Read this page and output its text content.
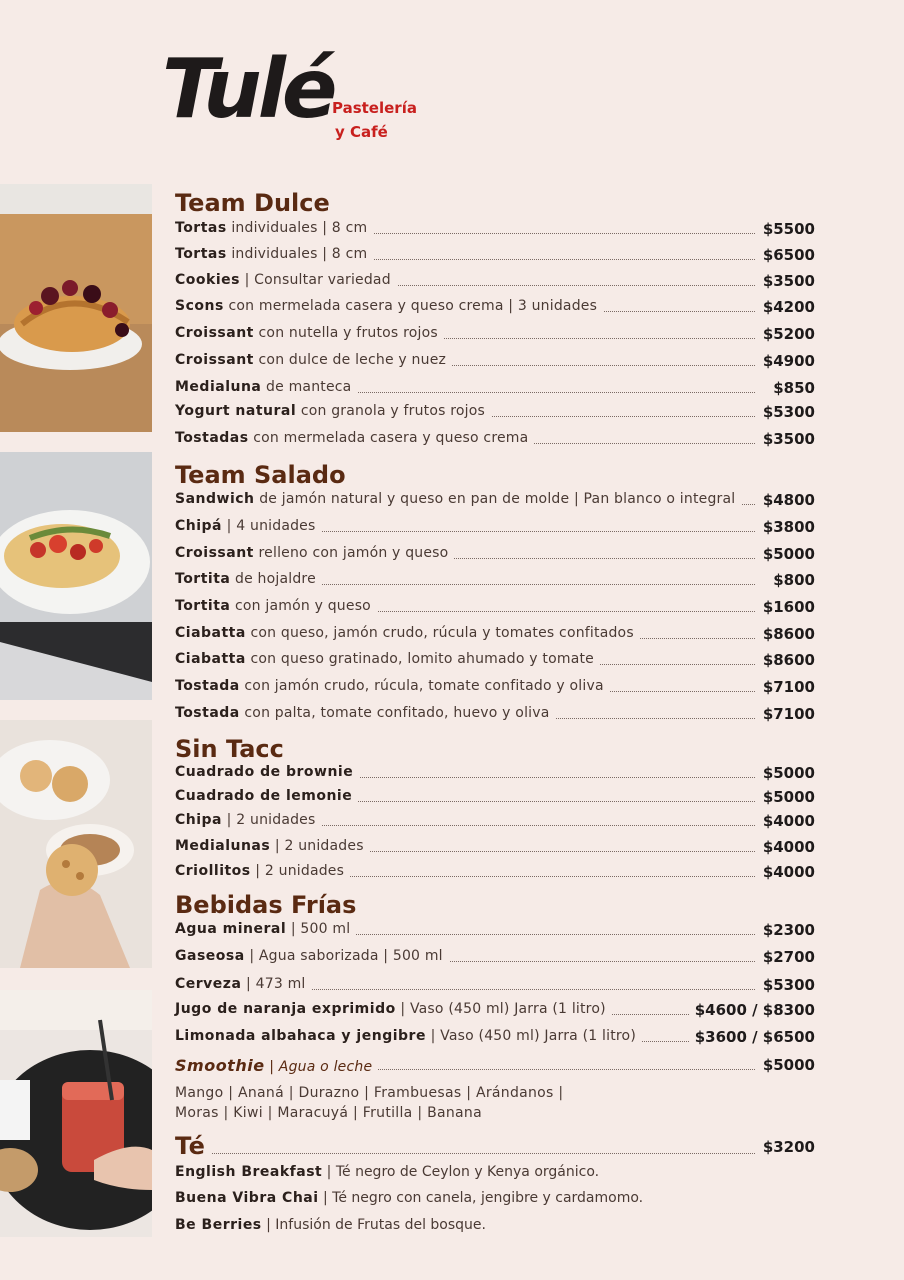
Tulé
Pastelería
y Café
Team Dulce
Tortas individuales | 8 cm	$5500
Tortas individuales | 8 cm	$6500
Cookies | Consultar variedad	$3500
Scons con mermelada casera y queso crema | 3 unidades	$4200
Croissant con nutella y frutos rojos	$5200
Croissant con dulce de leche y nuez	$4900
Medialuna de manteca	$850
Yogurt natural con granola y frutos rojos	$5300
Tostadas con mermelada casera y queso crema	$3500
Team Salado
Sandwich de jamón natural y queso en pan de molde | Pan blanco o integral	$4800
Chipá | 4 unidades	$3800
Croissant relleno con jamón y queso	$5000
Tortita de hojaldre	$800
Tortita con jamón y queso	$1600
Ciabatta con queso, jamón crudo, rúcula y tomates confitados	$8600
Ciabatta con queso gratinado, lomito ahumado y tomate	$8600
Tostada con jamón crudo, rúcula, tomate confitado y oliva	$7100
Tostada con palta, tomate confitado, huevo y oliva	$7100
Sin Tacc
Cuadrado de brownie	$5000
Cuadrado de lemonie	$5000
Chipa | 2 unidades	$4000
Medialunas | 2 unidades	$4000
Criollitos | 2 unidades	$4000
Bebidas Frías
Agua mineral | 500 ml	$2300
Gaseosa | Agua saborizada | 500 ml	$2700
Cerveza | 473 ml	$5300
Jugo de naranja exprimido | Vaso (450 ml) Jarra (1 litro)	$4600 / $8300
Limonada albahaca y jengibre | Vaso (450 ml) Jarra (1 litro)	$3600 / $6500
Smoothie | Agua o leche	$5000
Mango | Ananá | Durazno | Frambuesas | Arándanos |
Moras | Kiwi | Maracuyá | Frutilla | Banana
Té	$3200
English Breakfast | Té negro de Ceylon y Kenya orgánico.
Buena Vibra Chai | Té negro con canela, jengibre y cardamomo.
Be Berries | Infusión de Frutas del bosque.
